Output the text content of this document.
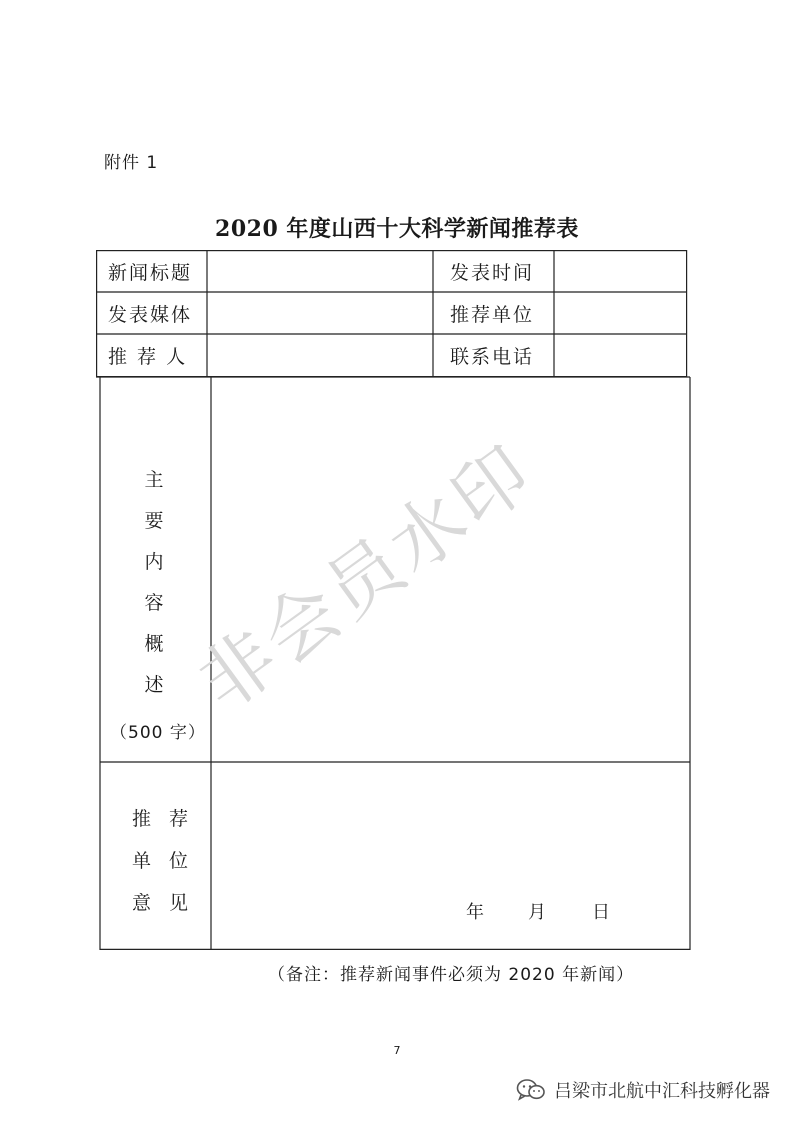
附件 1
2020 年度山西十大科学新闻推荐表
新闻标题	发表时间
发表媒体	推荐单位
推 荐 人	联系电话
主
要
内
容
概
述
（500 字）
推荐
单位
意见	年 月	日
非会员水印
（备注：推荐新闻事件必须为 2020 年新闻）
7
吕梁市北航中汇科技孵化器
